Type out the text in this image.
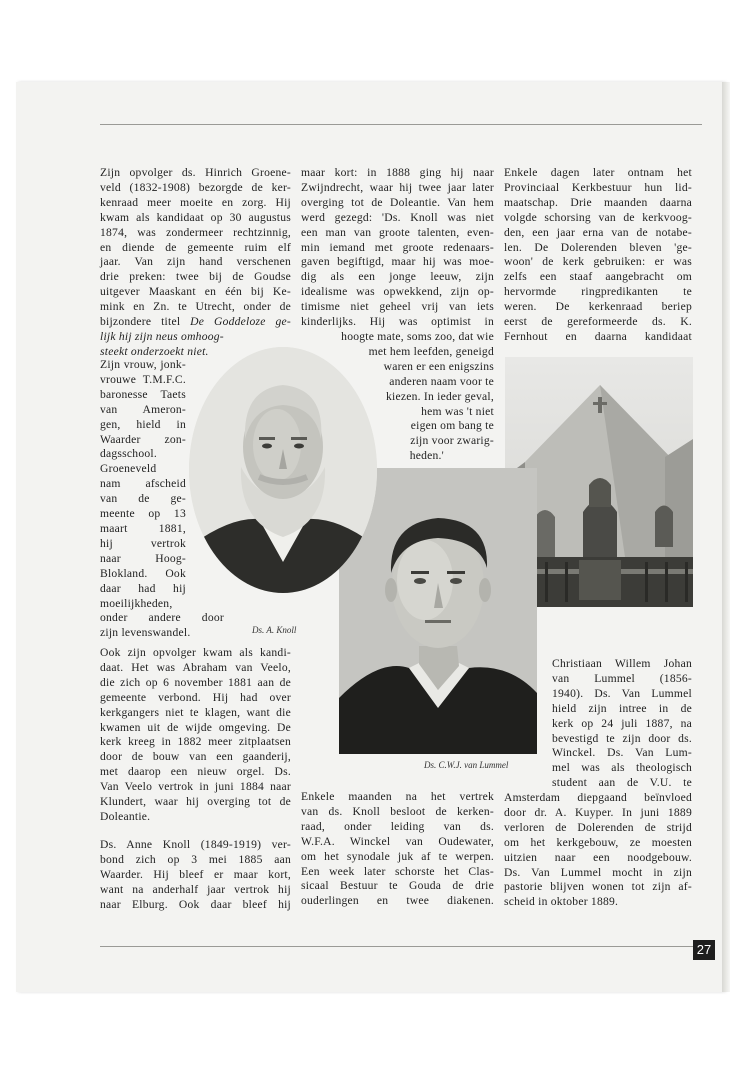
27
Zijn opvolger ds. Hinrich Groene-
veld (1832-1908) bezorgde de ker-
kenraad meer moeite en zorg. Hij
kwam als kandidaat op 30 augustus
1874, was zondermeer rechtzinnig,
en diende de gemeente ruim elf
jaar. Van zijn hand verschenen
drie preken: twee bij de Goudse
uitgever Maaskant en één bij Ke-
mink en Zn. te Utrecht, onder de
bijzondere titel De Goddeloze ge-
lijk hij zijn neus omhoog-
steekt onderzoekt niet.
Zijn vrouw, jonk-
vrouwe T.M.F.C.
baronesse Taets
van Ameron-
gen, hield in
Waarder zon-
dagsschool.
Groeneveld
nam afscheid
van de ge-
meente op 13
maart 1881,
hij vertrok
naar Hoog-
Blokland. Ook
daar had hij
moeilijkheden,
onder andere door
zijn levenswandel.
Ook zijn opvolger kwam als kandi-
daat. Het was Abraham van Veelo,
die zich op 6 november 1881 aan de
gemeente verbond. Hij had over
kerkgangers niet te klagen, want die
kwamen uit de wijde omgeving. De
kerk kreeg in 1882 meer zitplaatsen
door de bouw van een gaanderij,
met daarop een nieuw orgel. Ds.
Van Veelo vertrok in juni 1884 naar
Klundert, waar hij overging tot de
Doleantie.
Ds. Anne Knoll (1849-1919) ver-
bond zich op 3 mei 1885 aan
Waarder. Hij bleef er maar kort,
want na anderhalf jaar vertrok hij
naar Elburg. Ook daar bleef hij
maar kort: in 1888 ging hij naar
Zwijndrecht, waar hij twee jaar later
overging tot de Doleantie. Van hem
werd gezegd: 'Ds. Knoll was niet
een man van groote talenten, even-
min iemand met groote redenaars-
gaven begiftigd, maar hij was moe-
dig als een jonge leeuw, zijn
idealisme was opwekkend, zijn op-
timisme niet geheel vrij van iets
kinderlijks. Hij was optimist in
hoogte mate, soms zoo, dat wie
met hem leefden, geneigd
waren er een enigszins
anderen naam voor te
kiezen. In ieder geval,
hem was 't niet
eigen om bang te
zijn voor zwarig-
heden.'
Enkele maanden na het vertrek
van ds. Knoll besloot de kerken-
raad, onder leiding van ds.
W.F.A. Winckel van Oudewater,
om het synodale juk af te werpen.
Een week later schorste het Clas-
sicaal Bestuur te Gouda de drie
ouderlingen en twee diakenen.
Enkele dagen later ontnam het
Provinciaal Kerkbestuur hun lid-
maatschap. Drie maanden daarna
volgde schorsing van de kerkvoog-
den, een jaar erna van de notabe-
len. De Dolerenden bleven 'ge-
woon' de kerk gebruiken: er was
zelfs een staaf aangebracht om
hervormde ringpredikanten te
weren. De kerkenraad beriep
eerst de gereformeerde ds. K.
Fernhout en daarna kandidaat
Christiaan Willem Johan
van Lummel (1856-
1940). Ds. Van Lummel
hield zijn intree in de
kerk op 24 juli 1887, na
bevestigd te zijn door ds.
Winckel. Ds. Van Lum-
mel was als theologisch
student aan de V.U. te
Amsterdam diepgaand beïnvloed
door dr. A. Kuyper. In juni 1889
verloren de Dolerenden de strijd
om het kerkgebouw, ze moesten
uitzien naar een noodgebouw.
Ds. Van Lummel mocht in zijn
pastorie blijven wonen tot zijn af-
scheid in oktober 1889.
Ds. A. Knoll
Ds. C.W.J. van Lummel
